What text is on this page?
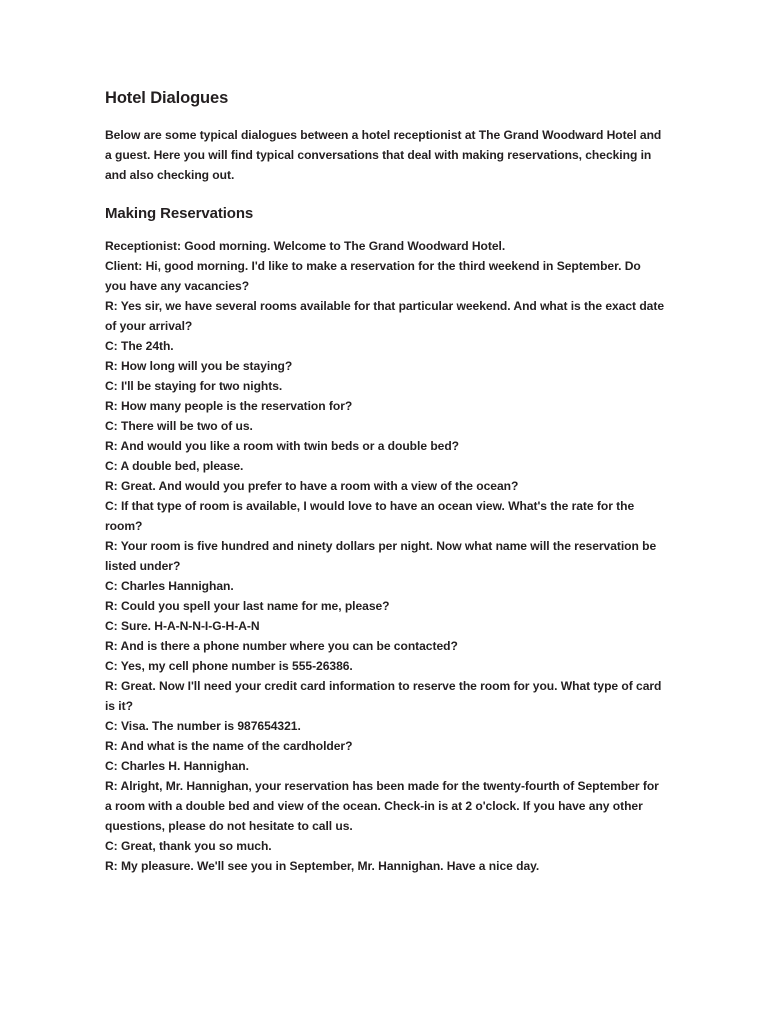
Hotel Dialogues

Below are some typical dialogues between a hotel receptionist at The Grand Woodward Hotel and a guest. Here you will find typical conversations that deal with making reservations, checking in and also checking out.

Making Reservations

Receptionist: Good morning. Welcome to The Grand Woodward Hotel.

Client: Hi, good morning. I'd like to make a reservation for the third weekend in September. Do you have any vacancies?

R: Yes sir, we have several rooms available for that particular weekend. And what is the exact date of your arrival?

C: The 24th.

R: How long will you be staying?

C: I'll be staying for two nights.

R: How many people is the reservation for?

C: There will be two of us.

R: And would you like a room with twin beds or a double bed?

C: A double bed, please.

R: Great. And would you prefer to have a room with a view of the ocean?

C: If that type of room is available, I would love to have an ocean view. What's the rate for the room?

R: Your room is five hundred and ninety dollars per night. Now what name will the reservation be listed under?

C: Charles Hannighan.

R: Could you spell your last name for me, please?

C: Sure. H-A-N-N-I-G-H-A-N

R: And is there a phone number where you can be contacted?

C: Yes, my cell phone number is 555-26386.

R: Great. Now I'll need your credit card information to reserve the room for you. What type of card is it?

C: Visa. The number is 987654321.

R: And what is the name of the cardholder?

C: Charles H. Hannighan.

R: Alright, Mr. Hannighan, your reservation has been made for the twenty-fourth of September for a room with a double bed and view of the ocean. Check-in is at 2 o'clock. If you have any other questions, please do not hesitate to call us.

C: Great, thank you so much.

R: My pleasure. We'll see you in September, Mr. Hannighan. Have a nice day.
